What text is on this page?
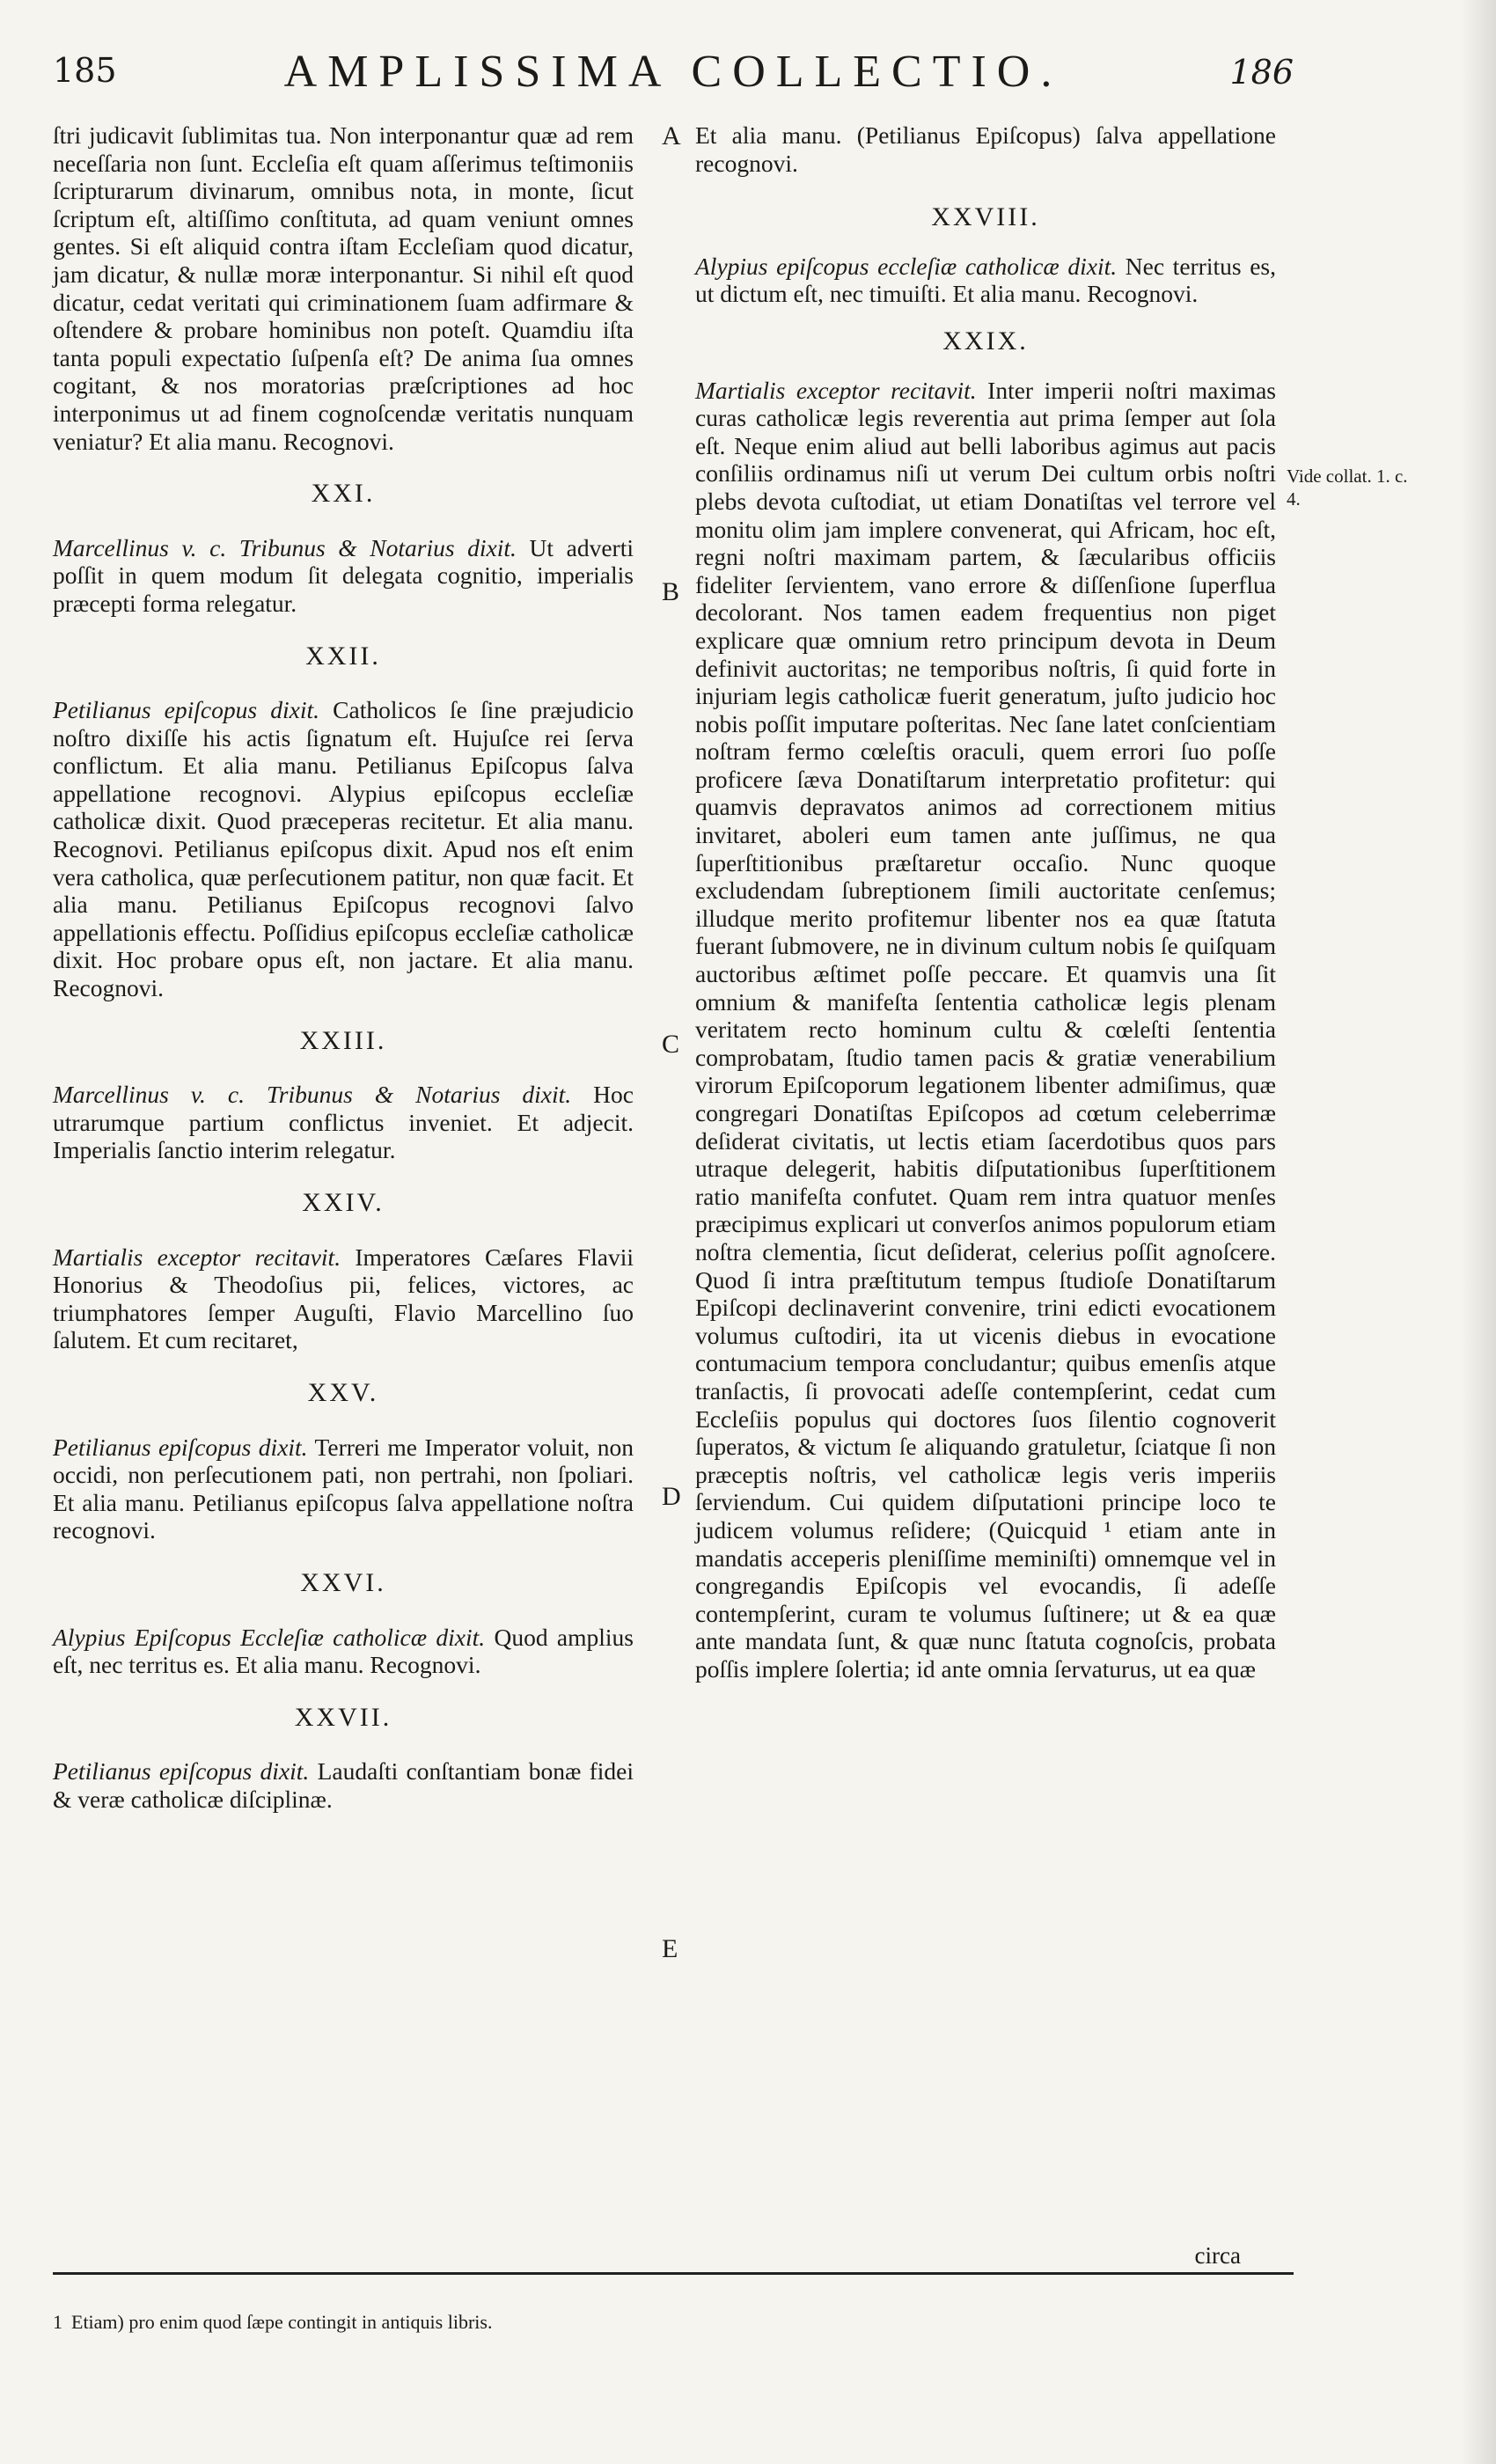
185	AMPLISSIMA COLLECTIO.	186

ſtri judicavit ſublimitas tua. Non interponantur quæ ad rem neceſſaria non ſunt. Eccleſia eſt quam aſſerimus teſtimoniis ſcripturarum divinarum, omnibus nota, in monte, ſicut ſcriptum eſt, altiſſimo conſtituta, ad quam veniunt omnes gentes. Si eſt aliquid contra iſtam Eccleſiam quod dicatur, jam dicatur, & nullæ moræ interponantur. Si nihil eſt quod dicatur, cedat veritati qui criminationem ſuam adfirmare & oſtendere & probare hominibus non poteſt. Quamdiu iſta tanta populi expectatio ſuſpenſa eſt? De anima ſua omnes cogitant, & nos moratorias præſcriptiones ad hoc interponimus ut ad finem cognoſcendæ veritatis nunquam veniatur? Et alia manu. Recognovi.

XXI.

Marcellinus v. c. Tribunus & Notarius dixit. Ut adverti poſſit in quem modum ſit delegata cognitio, imperialis præcepti forma relegatur.

XXII.

Petilianus epiſcopus dixit. Catholicos ſe ſine præjudicio noſtro dixiſſe his actis ſignatum eſt. Hujuſce rei ſerva conflictum. Et alia manu. Petilianus Epiſcopus ſalva appellatione recognovi. Alypius epiſcopus eccleſiæ catholicæ dixit. Quod præceperas recitetur. Et alia manu. Recognovi. Petilianus epiſcopus dixit. Apud nos eſt enim vera catholica, quæ perſecutionem patitur, non quæ facit. Et alia manu. Petilianus Epiſcopus recognovi ſalvo appellationis effectu. Poſſidius epiſcopus eccleſiæ catholicæ dixit. Hoc probare opus eſt, non jactare. Et alia manu. Recognovi.

XXIII.

Marcellinus v. c. Tribunus & Notarius dixit. Hoc utrarumque partium conflictus inveniet. Et adjecit. Imperialis ſanctio interim relegatur.

XXIV.

Martialis exceptor recitavit. Imperatores Cæſares Flavii Honorius & Theodoſius pii, felices, victores, ac triumphatores ſemper Auguſti, Flavio Marcellino ſuo ſalutem. Et cum recitaret,

XXV.

Petilianus epiſcopus dixit. Terreri me Imperator voluit, non occidi, non perſecutionem pati, non pertrahi, non ſpoliari. Et alia manu. Petilianus epiſcopus ſalva appellatione noſtra recognovi.

XXVI.

Alypius Epiſcopus Eccleſiæ catholicæ dixit. Quod amplius eſt, nec territus es. Et alia manu. Recognovi.

XXVII.

Petilianus epiſcopus dixit. Laudaſti conſtantiam bonæ fidei & veræ catholicæ diſciplinæ.

A
B
C
D
E

Et alia manu. (Petilianus Epiſcopus) ſalva appellatione recognovi.

XXVIII.

Alypius epiſcopus eccleſiæ catholicæ dixit. Nec territus es, ut dictum eſt, nec timuiſti. Et alia manu. Recognovi.

XXIX.

Martialis exceptor recitavit. Inter imperii noſtri maximas curas catholicæ legis reverentia aut prima ſemper aut ſola eſt. Neque enim aliud aut belli laboribus agimus aut pacis conſiliis ordinamus niſi ut verum Dei cultum orbis noſtri plebs devota cuſtodiat, ut etiam Donatiſtas vel terrore vel monitu olim jam implere convenerat, qui Africam, hoc eſt, regni noſtri maximam partem, & ſæcularibus officiis fideliter ſervientem, vano errore & diſſenſione ſuperflua decolorant. Nos tamen eadem frequentius non piget explicare quæ omnium retro principum devota in Deum definivit auctoritas; ne temporibus noſtris, ſi quid forte in injuriam legis catholicæ fuerit generatum, juſto judicio hoc nobis poſſit imputare poſteritas. Nec ſane latet conſcientiam noſtram fermo cœleſtis oraculi, quem errori ſuo poſſe proficere ſæva Donatiſtarum interpretatio profitetur: qui quamvis depravatos animos ad correctionem mitius invitaret, aboleri eum tamen ante juſſimus, ne qua ſuperſtitionibus præſtaretur occaſio. Nunc quoque excludendam ſubreptionem ſimili auctoritate cenſemus; illudque merito profitemur libenter nos ea quæ ſtatuta fuerant ſubmovere, ne in divinum cultum nobis ſe quiſquam auctoribus æſtimet poſſe peccare. Et quamvis una ſit omnium & manifeſta ſententia catholicæ legis plenam veritatem recto hominum cultu & cœleſti ſententia comprobatam, ſtudio tamen pacis & gratiæ venerabilium virorum Epiſcoporum legationem libenter admiſimus, quæ congregari Donatiſtas Epiſcopos ad cœtum celeberrimæ deſiderat civitatis, ut lectis etiam ſacerdotibus quos pars utraque delegerit, habitis diſputationibus ſuperſtitionem ratio manifeſta confutet. Quam rem intra quatuor menſes præcipimus explicari ut converſos animos populorum etiam noſtra clementia, ſicut deſiderat, celerius poſſit agnoſcere. Quod ſi intra præſtitutum tempus ſtudioſe Donatiſtarum Epiſcopi declinaverint convenire, trini edicti evocationem volumus cuſtodiri, ita ut vicenis diebus in evocatione contumacium tempora concludantur; quibus emenſis atque tranſactis, ſi provocati adeſſe contempſerint, cedat cum Eccleſiis populus qui doctores ſuos ſilentio cognoverit ſuperatos, & victum ſe aliquando gratuletur, ſciatque ſi non præceptis noſtris, vel catholicæ legis veris imperiis ſerviendum. Cui quidem diſputationi principe loco te judicem volumus reſidere; (Quicquid ¹ etiam ante in mandatis acceperis pleniſſime meminiſti) omnemque vel in congregandis Epiſcopis vel evocandis, ſi adeſſe contempſerint, curam te volumus ſuſtinere; ut & ea quæ ante mandata ſunt, & quæ nunc ſtatuta cognoſcis, probata poſſis implere ſolertia; id ante omnia ſervaturus, ut ea quæ

Vide collat. 1. c. 4.
circa
1 Etiam) pro enim quod ſæpe contingit in antiquis libris.
